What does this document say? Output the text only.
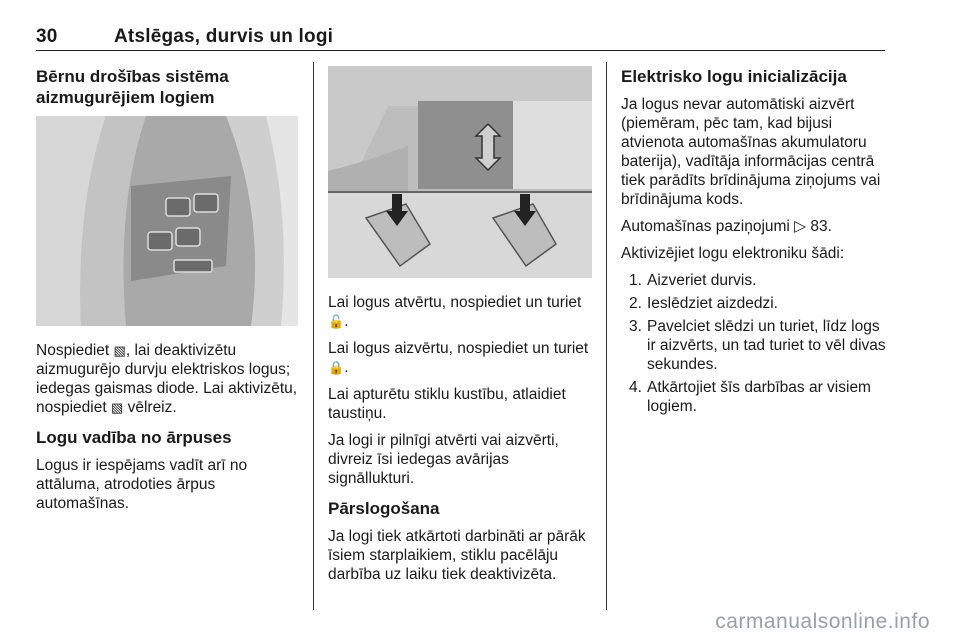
30	Atslēgas, durvis un logi
Bērnu drošības sistēma
aizmugurējiem logiem

Nospiediet ▧, lai deaktivizētu aizmugurējo durvju elektriskos logus; iedegas gaismas diode. Lai aktivizētu, nospiediet ▧ vēlreiz.

Logu vadība no ārpuses

Logus ir iespējams vadīt arī no attāluma, atrodoties ārpus automašīnas.

Lai logus atvērtu, nospiediet un turiet
🔓.

Lai logus aizvērtu, nospiediet un turiet
🔒.

Lai apturētu stiklu kustību, atlaidiet taustiņu.

Ja logi ir pilnīgi atvērti vai aizvērti, divreiz īsi iedegas avārijas signāllukturi.

Pārslogošana

Ja logi tiek atkārtoti darbināti ar pārāk īsiem starplaikiem, stiklu pacēlāju darbība uz laiku tiek deaktivizēta.

Elektrisko logu inicializācija

Ja logus nevar automātiski aizvērt (piemēram, pēc tam, kad bijusi atvienota automašīnas akumulatoru baterija), vadītāja informācijas centrā tiek parādīts brīdinājuma ziņojums vai brīdinājuma kods.

Automašīnas paziņojumi ▷ 83.

Aktivizējiet logu elektroniku šādi:

1. Aizveriet durvis.
2. Ieslēdziet aizdedzi.
3. Pavelciet slēdzi un turiet, līdz logs ir aizvērts, un tad turiet to vēl divas sekundes.
4. Atkārtojiet šīs darbības ar visiem logiem.
carmanualsonline.info
